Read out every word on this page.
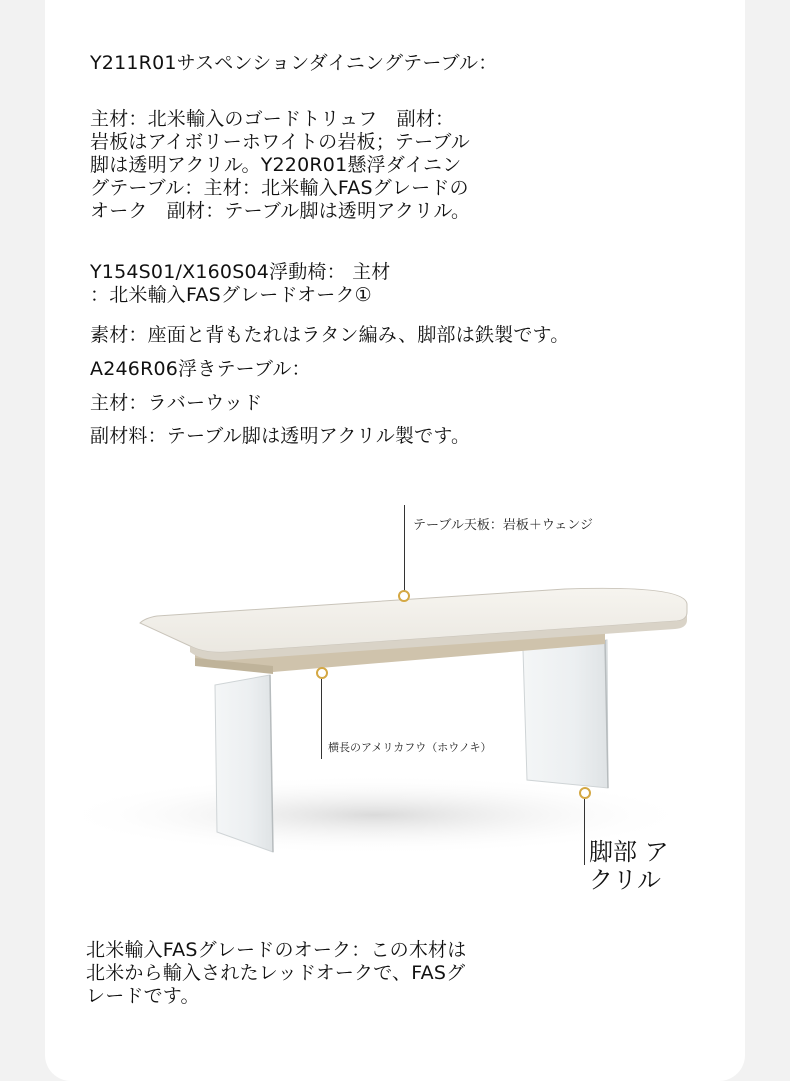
Y211R01サスペンションダイニングテーブル：
主材：北米輸入のゴードトリュフ　副材：
岩板はアイボリーホワイトの岩板；テーブル
脚は透明アクリル。Y220R01懸浮ダイニン
グテーブル：主材：北米輸入FASグレードの
オーク　副材：テーブル脚は透明アクリル。
Y154S01/X160S04浮動椅： 主材
：北米輸入FASグレードオーク①
素材：座面と背もたれはラタン編み、脚部は鉄製です。
A246R06浮きテーブル：
主材：ラバーウッド
副材料：テーブル脚は透明アクリル製です。
テーブル天板：岩板＋ウェンジ
横長のアメリカフウ（ホウノキ）
脚部 ア
クリル
北米輸入FASグレードのオーク：この木材は
北米から輸入されたレッドオークで、FASグ
レードです。
